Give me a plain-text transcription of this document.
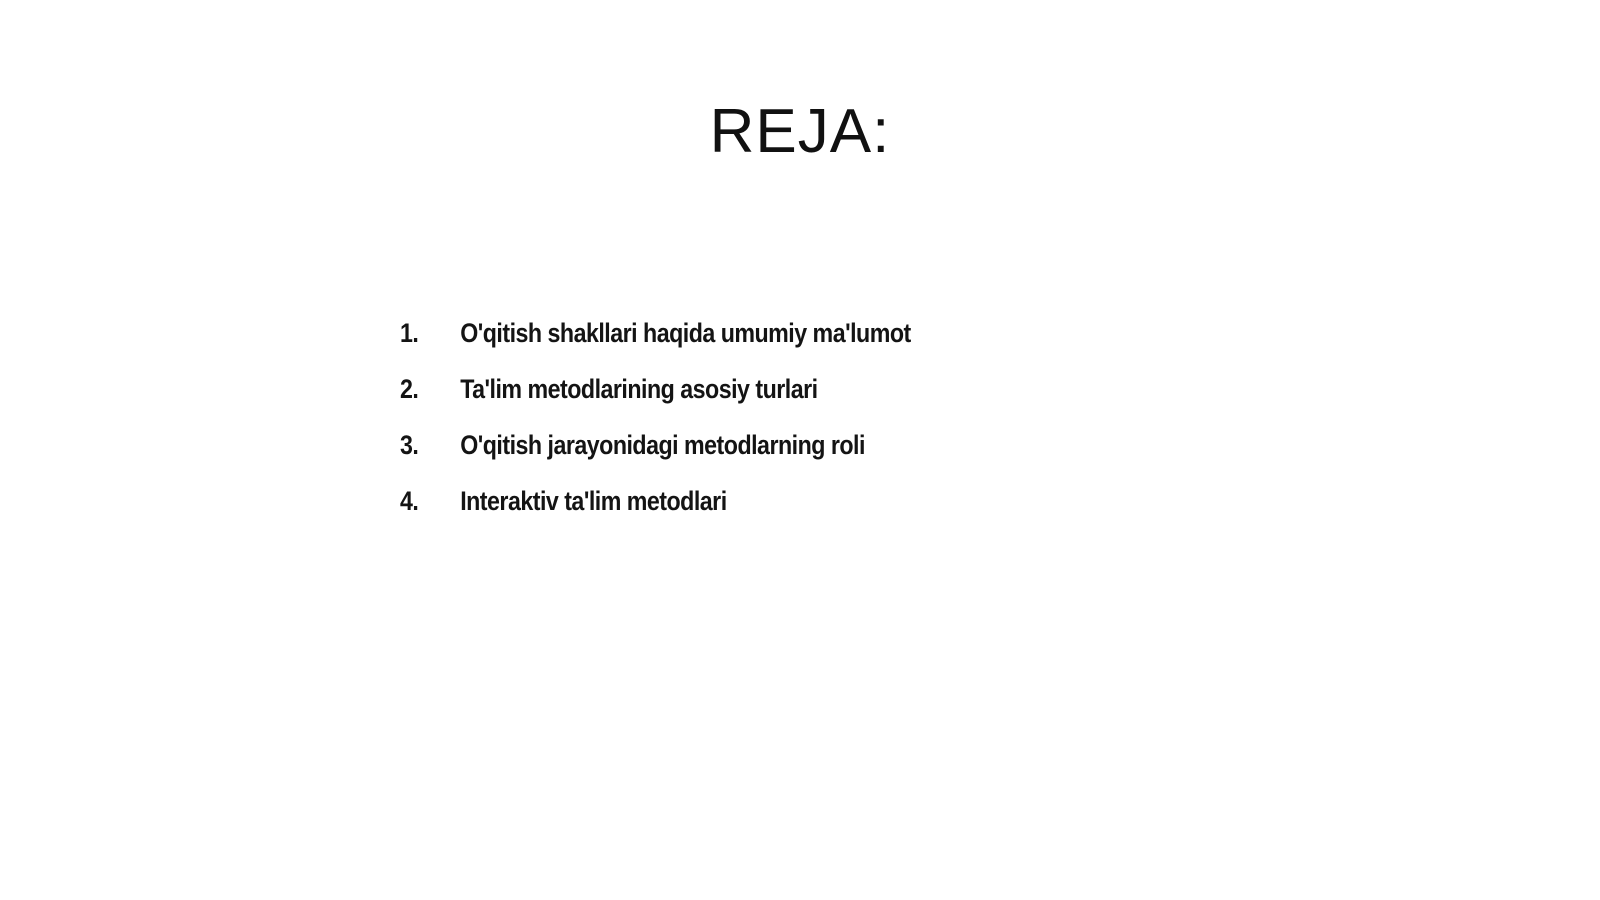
REJA:
1.	O'qitish shakllari haqida umumiy ma'lumot
2.	Ta'lim metodlarining asosiy turlari
3.	O'qitish jarayonidagi metodlarning roli
4.	Interaktiv ta'lim metodlari
